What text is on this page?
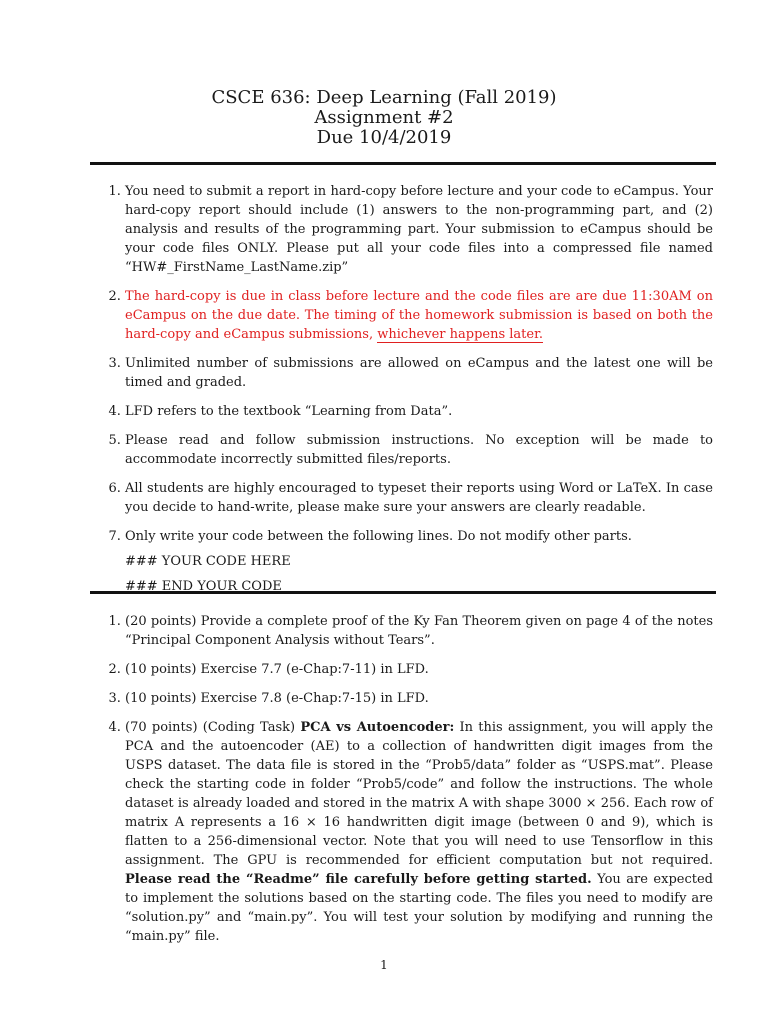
CSCE 636: Deep Learning (Fall 2019)
Assignment #2
Due 10/4/2019
1. You need to submit a report in hard-copy before lecture and your code to eCampus. Your hard-copy report should include (1) answers to the non-programming part, and (2) analysis and results of the programming part. Your submission to eCampus should be your code files ONLY. Please put all your code files into a compressed file named “HW#_FirstName_LastName.zip”
2. The hard-copy is due in class before lecture and the code files are are due 11:30AM on eCampus on the due date. The timing of the homework submission is based on both the hard-copy and eCampus submissions, whichever happens later.
3. Unlimited number of submissions are allowed on eCampus and the latest one will be timed and graded.
4. LFD refers to the textbook “Learning from Data”.
5. Please read and follow submission instructions. No exception will be made to accommodate incorrectly submitted files/reports.
6. All students are highly encouraged to typeset their reports using Word or LaTeX. In case you decide to hand-write, please make sure your answers are clearly readable.
7. Only write your code between the following lines. Do not modify other parts.
### YOUR CODE HERE
### END YOUR CODE
1. (20 points) Provide a complete proof of the Ky Fan Theorem given on page 4 of the notes “Principal Component Analysis without Tears”.
2. (10 points) Exercise 7.7 (e-Chap:7-11) in LFD.
3. (10 points) Exercise 7.8 (e-Chap:7-15) in LFD.
4. (70 points) (Coding Task) PCA vs Autoencoder: In this assignment, you will apply the PCA and the autoencoder (AE) to a collection of handwritten digit images from the USPS dataset. The data file is stored in the “Prob5/data” folder as “USPS.mat”. Please check the starting code in folder “Prob5/code” and follow the instructions. The whole dataset is already loaded and stored in the matrix A with shape 3000 × 256. Each row of matrix A represents a 16 × 16 handwritten digit image (between 0 and 9), which is flatten to a 256-dimensional vector. Note that you will need to use Tensorflow in this assignment. The GPU is recommended for efficient computation but not required. Please read the “Readme” file carefully before getting started. You are expected to implement the solutions based on the starting code. The files you need to modify are “solution.py” and “main.py”. You will test your solution by modifying and running the “main.py” file.
1
